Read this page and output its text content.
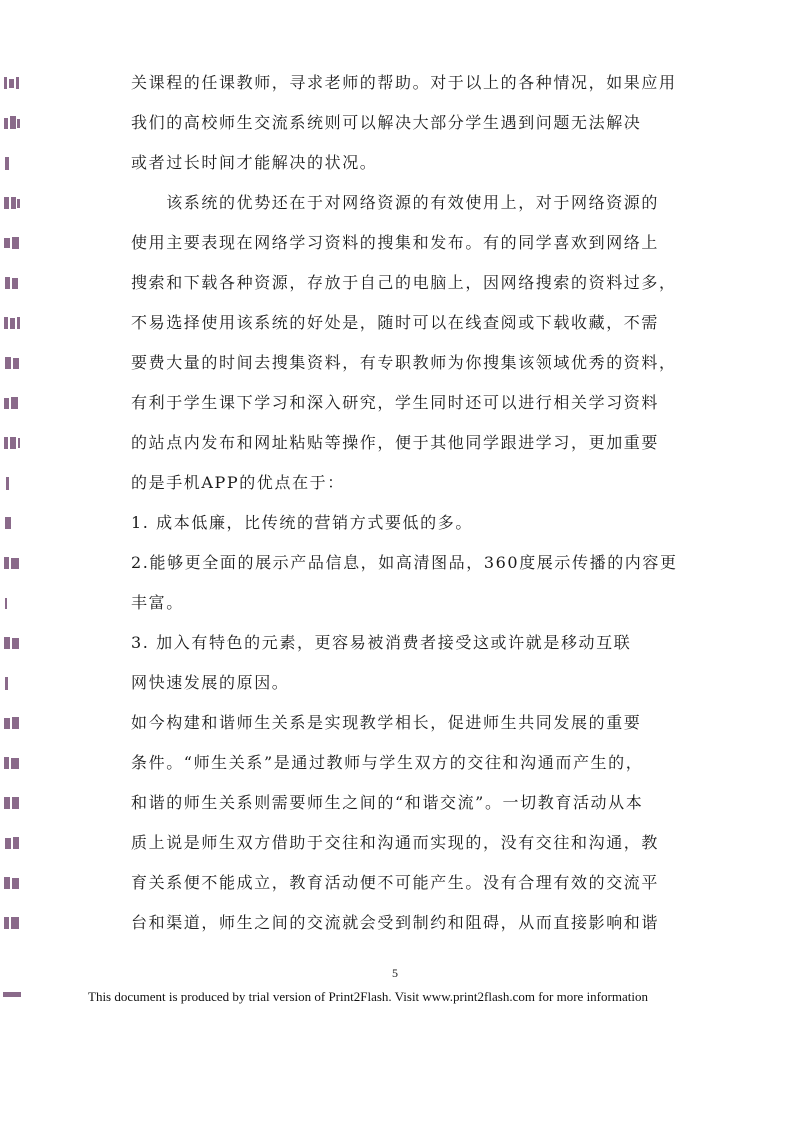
关课程的任课教师，寻求老师的帮助。对于以上的各种情况，如果应用
我们的高校师生交流系统则可以解决大部分学生遇到问题无法解决
或者过长时间才能解决的状况。
　　该系统的优势还在于对网络资源的有效使用上，对于网络资源的
使用主要表现在网络学习资料的搜集和发布。有的同学喜欢到网络上
搜索和下载各种资源，存放于自己的电脑上，因网络搜索的资料过多，
不易选择使用该系统的好处是，随时可以在线查阅或下载收藏，不需
要费大量的时间去搜集资料，有专职教师为你搜集该领域优秀的资料，
有利于学生课下学习和深入研究，学生同时还可以进行相关学习资料
的站点内发布和网址粘贴等操作，便于其他同学跟进学习，更加重要
的是手机APP的优点在于：
1. 成本低廉，比传统的营销方式要低的多。
2.能够更全面的展示产品信息，如高清图品，360度展示传播的内容更
丰富。
3. 加入有特色的元素，更容易被消费者接受这或许就是移动互联
网快速发展的原因。
如今构建和谐师生关系是实现教学相长，促进师生共同发展的重要
条件。“师生关系”是通过教师与学生双方的交往和沟通而产生的，
和谐的师生关系则需要师生之间的“和谐交流”。一切教育活动从本
质上说是师生双方借助于交往和沟通而实现的，没有交往和沟通，教
育关系便不能成立，教育活动便不可能产生。没有合理有效的交流平
台和渠道，师生之间的交流就会受到制约和阻碍，从而直接影响和谐
5
This document is produced by trial version of Print2Flash. Visit www.print2flash.com for more information
